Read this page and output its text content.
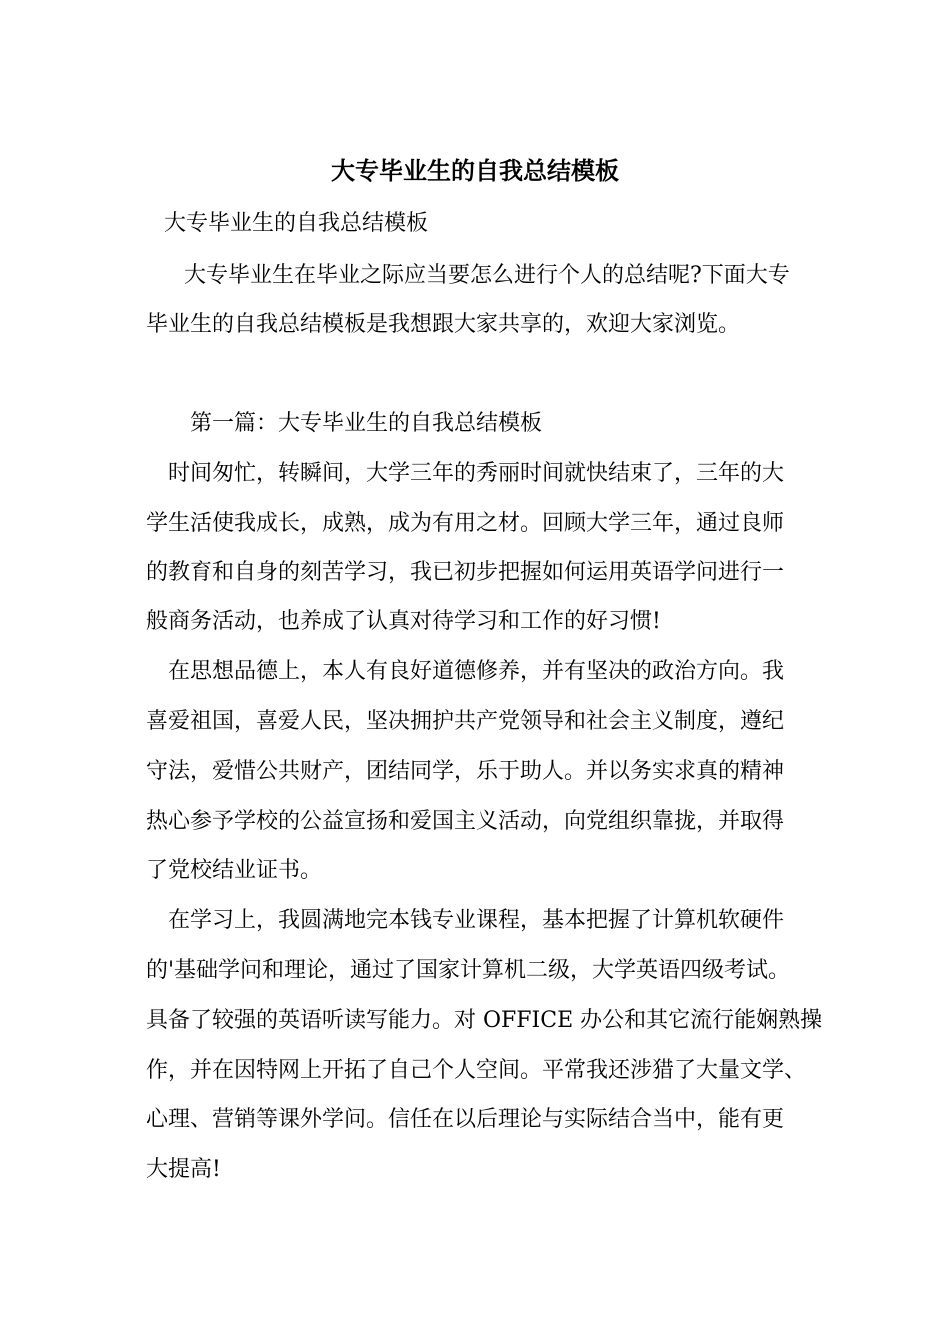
大专毕业生的自我总结模板

大专毕业生的自我总结模板

大专毕业生在毕业之际应当要怎么进行个人的总结呢?下面大专

毕业生的自我总结模板是我想跟大家共享的，欢迎大家浏览。

第一篇：大专毕业生的自我总结模板

时间匆忙，转瞬间，大学三年的秀丽时间就快结束了，三年的大

学生活使我成长，成熟，成为有用之材。回顾大学三年，通过良师

的教育和自身的刻苦学习，我已初步把握如何运用英语学问进行一

般商务活动，也养成了认真对待学习和工作的好习惯!

在思想品德上，本人有良好道德修养，并有坚决的政治方向。我

喜爱祖国，喜爱人民，坚决拥护共产党领导和社会主义制度，遵纪

守法，爱惜公共财产，团结同学，乐于助人。并以务实求真的精神

热心参予学校的公益宣扬和爱国主义活动，向党组织靠拢，并取得

了党校结业证书。

在学习上，我圆满地完本钱专业课程，基本把握了计算机软硬件

的'基础学问和理论，通过了国家计算机二级，大学英语四级考试。

具备了较强的英语听读写能力。对 OFFICE 办公和其它流行能娴熟操

作，并在因特网上开拓了自己个人空间。平常我还涉猎了大量文学、

心理、营销等课外学问。信任在以后理论与实际结合当中，能有更

大提高!
